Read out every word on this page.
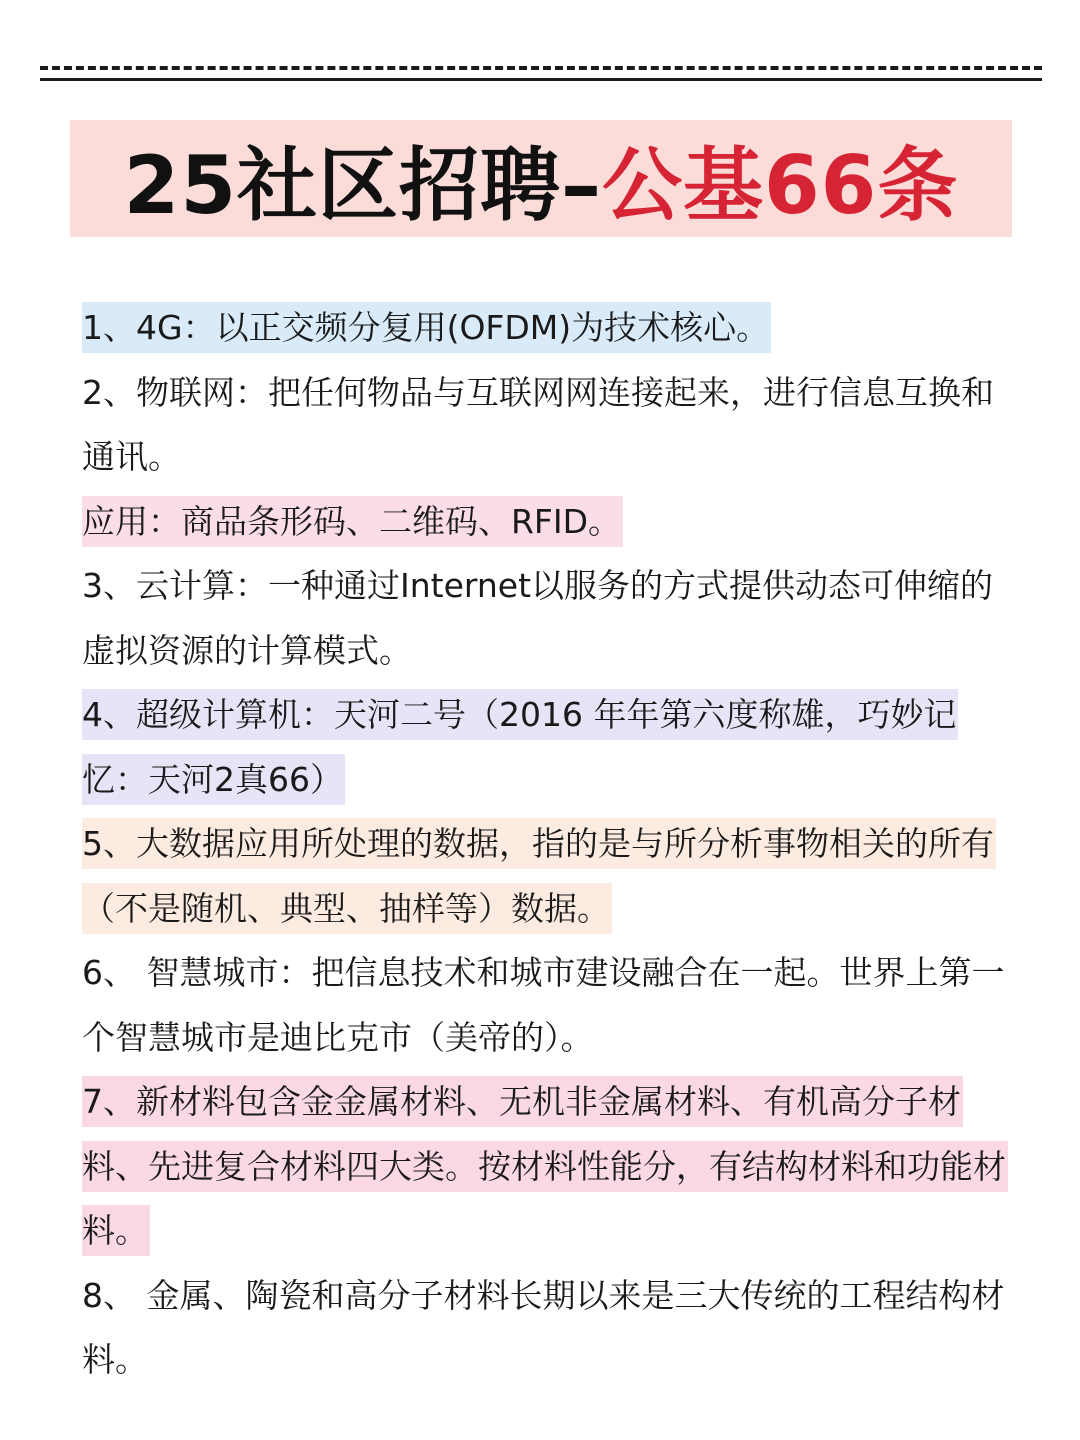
25社区招聘– 公基66条

1、4G：以正交频分复用(OFDM)为技术核心。

2、物联网：把任何物品与互联网网连接起来，进行信息互换和通讯。

应用：商品条形码、二维码、RFID。

3、云计算：一种通过Internet以服务的方式提供动态可伸缩的虚拟资源的计算模式。

4、超级计算机：天河二号（2016 年年第六度称雄，巧妙记忆：天河2真66）

5、大数据应用所处理的数据，指的是与所分析事物相关的所有（不是随机、典型、抽样等）数据。

6、 智慧城市：把信息技术和城市建设融合在一起。世界上第一个智慧城市是迪比克市（美帝的）。

7、新材料包含金金属材料、无机非金属材料、有机高分子材料、先进复合材料四大类。按材料性能分，有结构材料和功能材料。

8、 金属、陶瓷和高分子材料长期以来是三大传统的工程结构材料。
